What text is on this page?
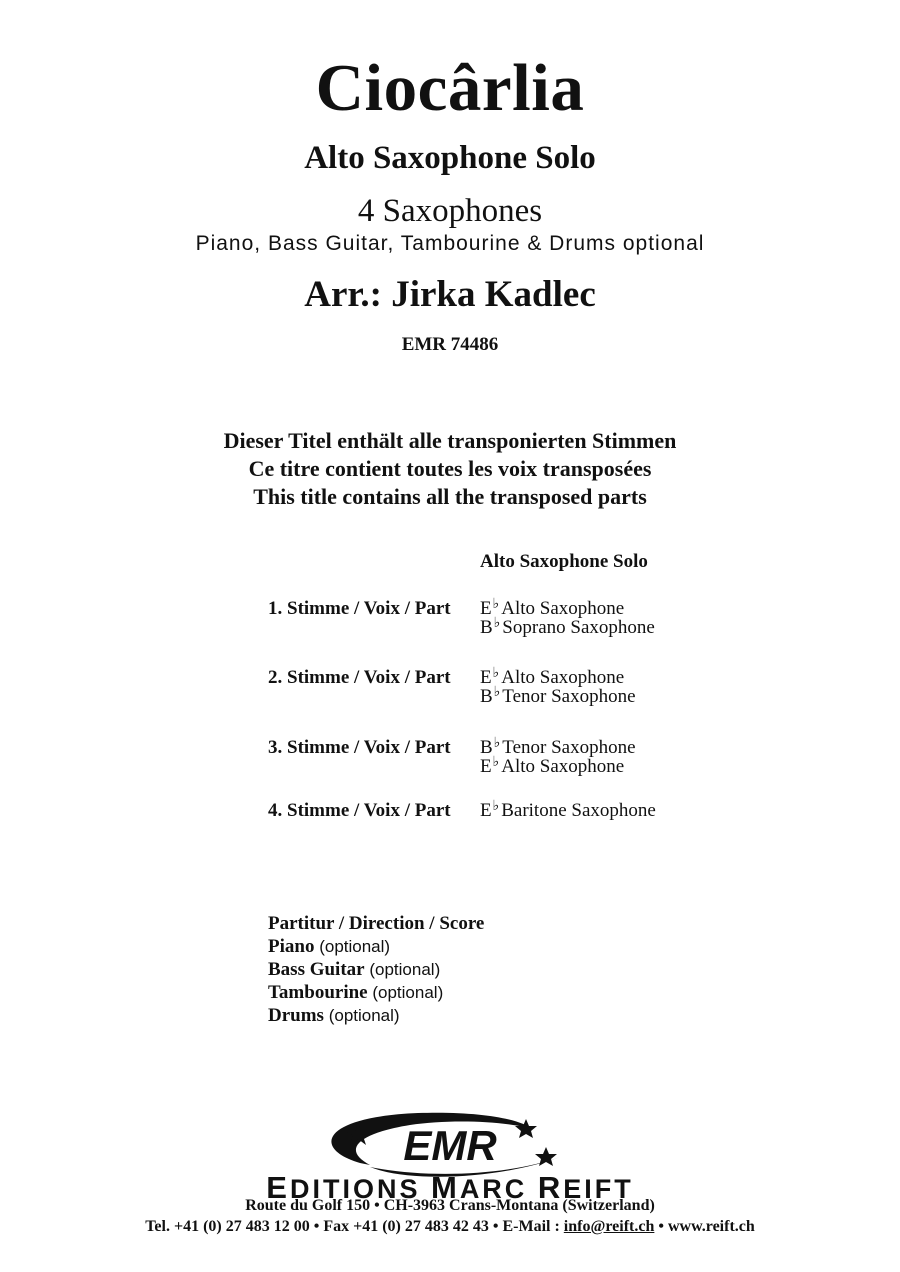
Ciocârlia
Alto Saxophone Solo
4 Saxophones
Piano, Bass Guitar, Tambourine & Drums optional
Arr.: Jirka Kadlec
EMR 74486
Dieser Titel enthält alle transponierten Stimmen
Ce titre contient toutes les voix transposées
This title contains all the transposed parts
Alto Saxophone Solo
1. Stimme / Voix / Part E♭ Alto Saxophone
B♭ Soprano Saxophone
2. Stimme / Voix / Part E♭ Alto Saxophone
B♭ Tenor Saxophone
3. Stimme / Voix / Part B♭ Tenor Saxophone
E♭ Alto Saxophone
4. Stimme / Voix / Part E♭ Baritone Saxophone
Partitur / Direction / Score
Piano (optional)
Bass Guitar (optional)
Tambourine (optional)
Drums (optional)
EMR
EDITIONS MARC REIFT
Route du Golf 150 • CH-3963 Crans-Montana (Switzerland)
Tel. +41 (0) 27 483 12 00 • Fax +41 (0) 27 483 42 43 • E-Mail : info@reift.ch • www.reift.ch
